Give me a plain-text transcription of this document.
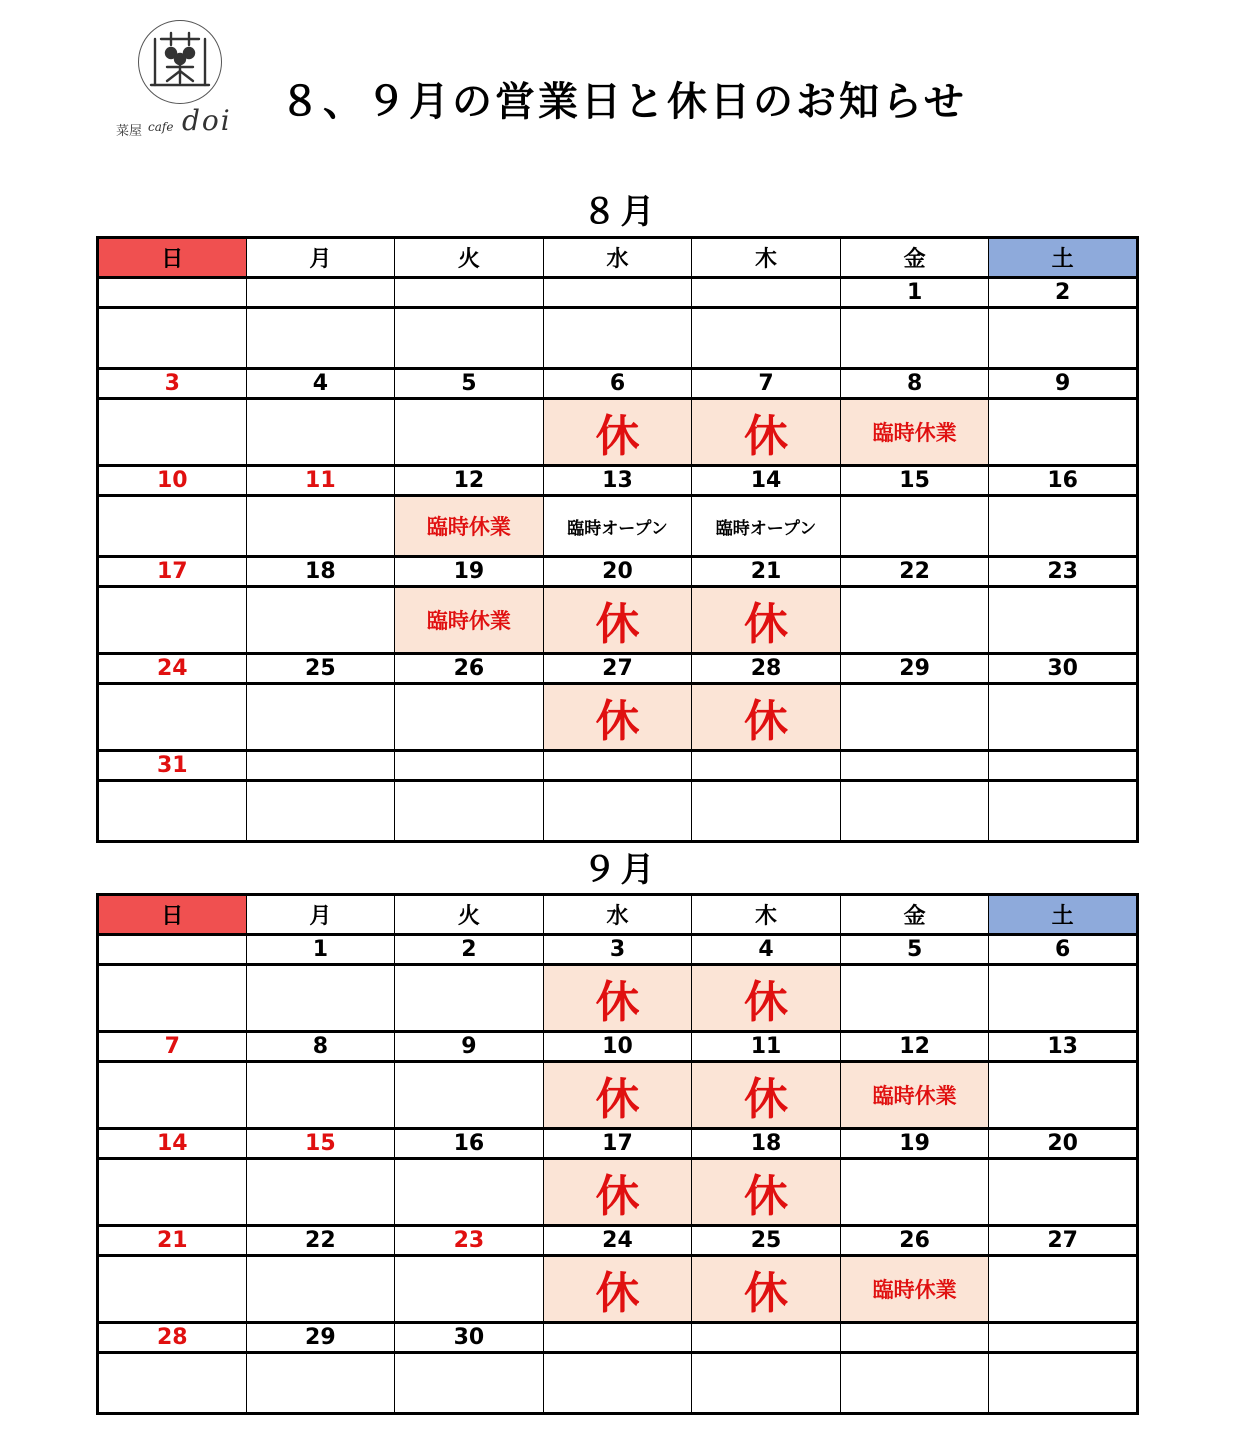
菜屋 cafe doi ８、９月の営業日と休日のお知らせ
８月
日	月	火	水	木	金	土
					1	2

3	4	5	6	7	8	9
			休	休	臨時休業	
10	11	12	13	14	15	16
		臨時休業	臨時オープン	臨時オープン		
17	18	19	20	21	22	23
		臨時休業	休	休		
24	25	26	27	28	29	30
			休	休		
31						

９月
日	月	火	水	木	金	土
	1	2	3	4	5	6
			休	休		
7	8	9	10	11	12	13
			休	休	臨時休業	
14	15	16	17	18	19	20
			休	休		
21	22	23	24	25	26	27
			休	休	臨時休業	
28	29	30				
